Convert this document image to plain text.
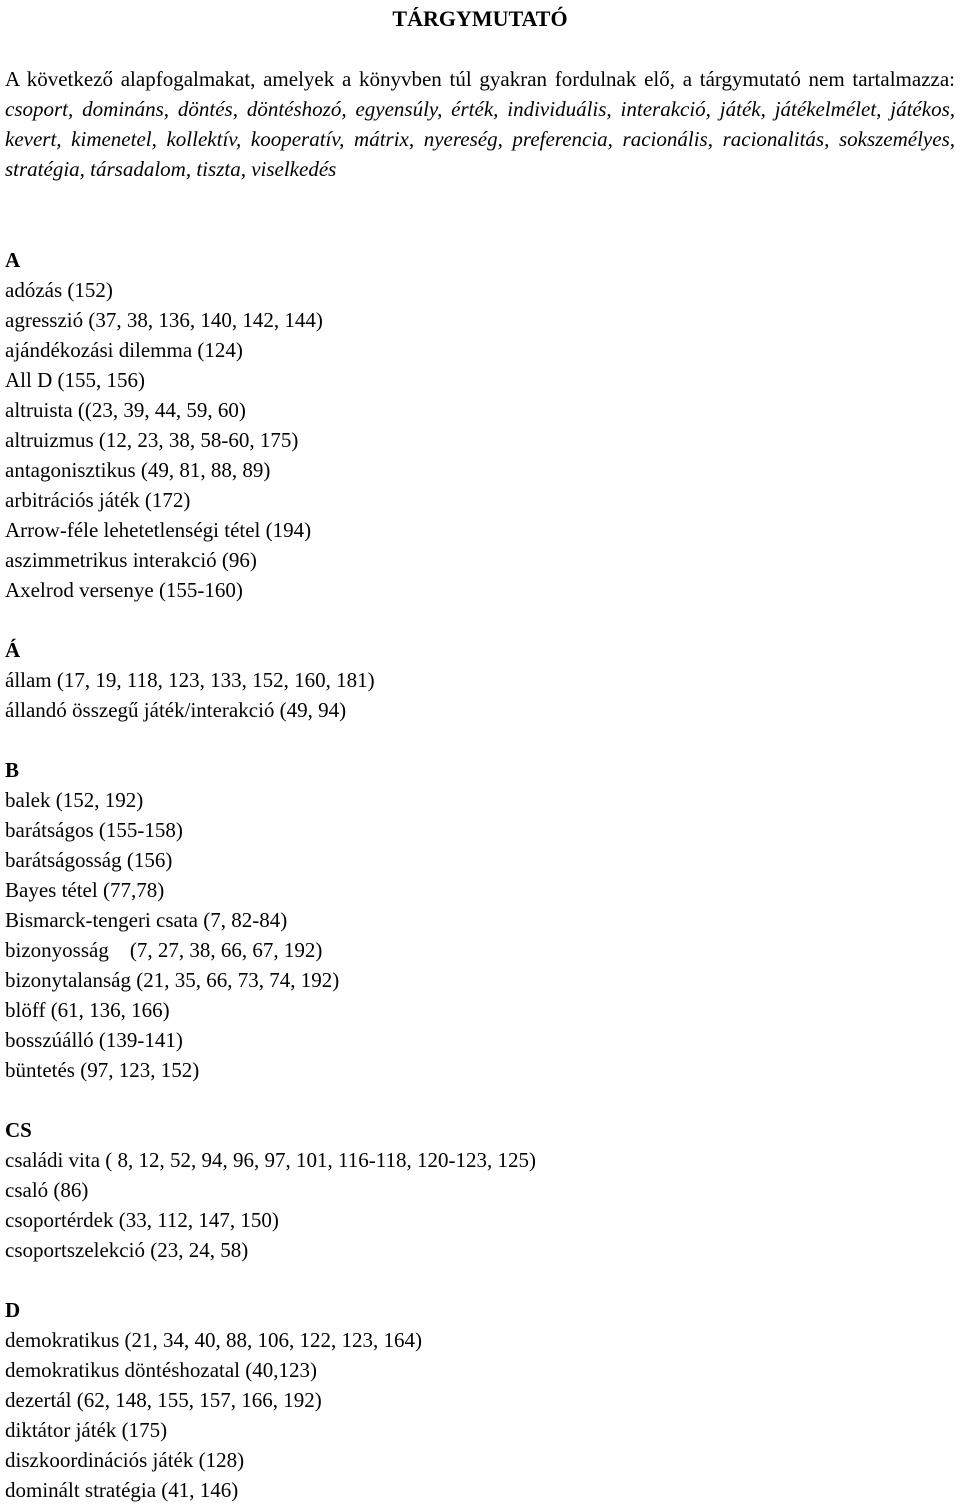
TÁRGYMUTATÓ

A következő alapfogalmakat, amelyek a könyvben túl gyakran fordulnak elő, a tárgymutató nem tartalmazza: csoport, domináns, döntés, döntéshozó, egyensúly, érték, individuális, interakció, játék, játékelmélet, játékos, kevert, kimenetel, kollektív, kooperatív, mátrix, nyereség, preferencia, racionális, racionalitás, sokszemélyes, stratégia, társadalom, tiszta, viselkedés

A

adózás (152)

agresszió (37, 38, 136, 140, 142, 144)

ajándékozási dilemma (124)

All D (155, 156)

altruista ((23, 39, 44, 59, 60)

altruizmus (12, 23, 38, 58-60, 175)

antagonisztikus (49, 81, 88, 89)

arbitrációs játék (172)

Arrow-féle lehetetlenségi tétel (194)

aszimmetrikus interakció (96)

Axelrod versenye (155-160)

Á

állam (17, 19, 118, 123, 133, 152, 160, 181)

állandó összegű játék/interakció (49, 94)

B

balek (152, 192)

barátságos (155-158)

barátságosság (156)

Bayes tétel (77,78)

Bismarck-tengeri csata (7, 82-84)

bizonyosság    (7, 27, 38, 66, 67, 192)

bizonytalanság (21, 35, 66, 73, 74, 192)

blöff (61, 136, 166)

bosszúálló (139-141)

büntetés (97, 123, 152)

CS

családi vita ( 8, 12, 52, 94, 96, 97, 101, 116-118, 120-123, 125)

csaló (86)

csoportérdek (33, 112, 147, 150)

csoportszelekció (23, 24, 58)

D

demokratikus (21, 34, 40, 88, 106, 122, 123, 164)

demokratikus döntéshozatal (40,123)

dezertál (62, 148, 155, 157, 166, 192)

diktátor játék (175)

diszkoordinációs játék (128)

dominált stratégia (41, 146)
